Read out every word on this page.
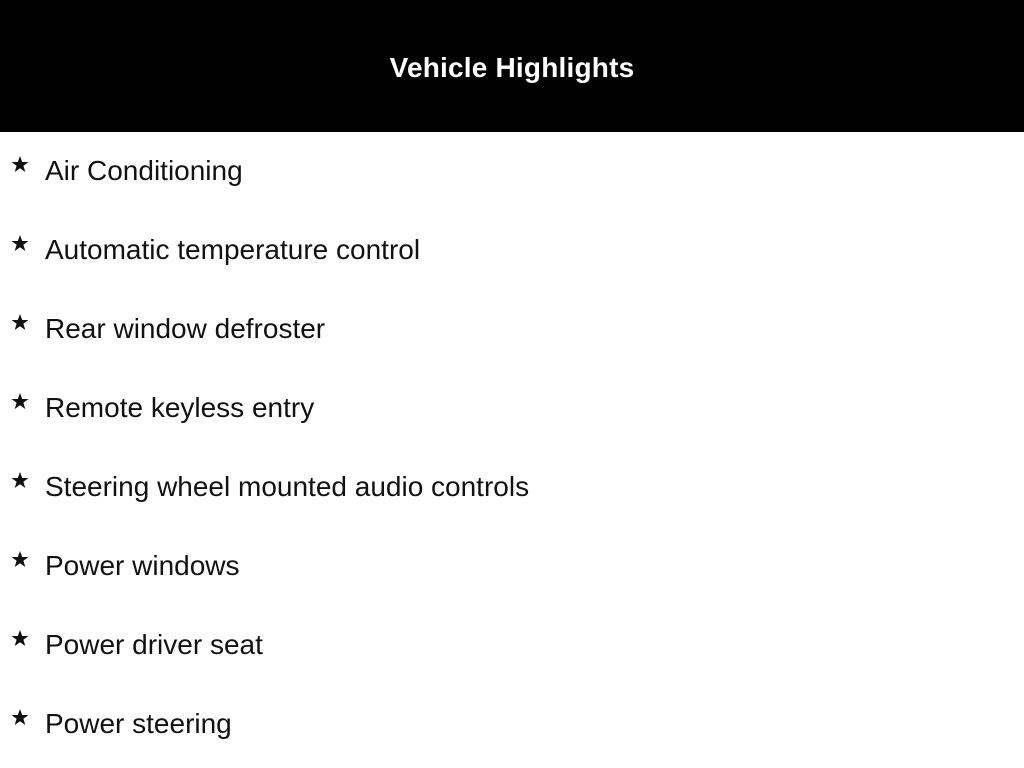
Vehicle Highlights
Air Conditioning
Automatic temperature control
Rear window defroster
Remote keyless entry
Steering wheel mounted audio controls
Power windows
Power driver seat
Power steering
